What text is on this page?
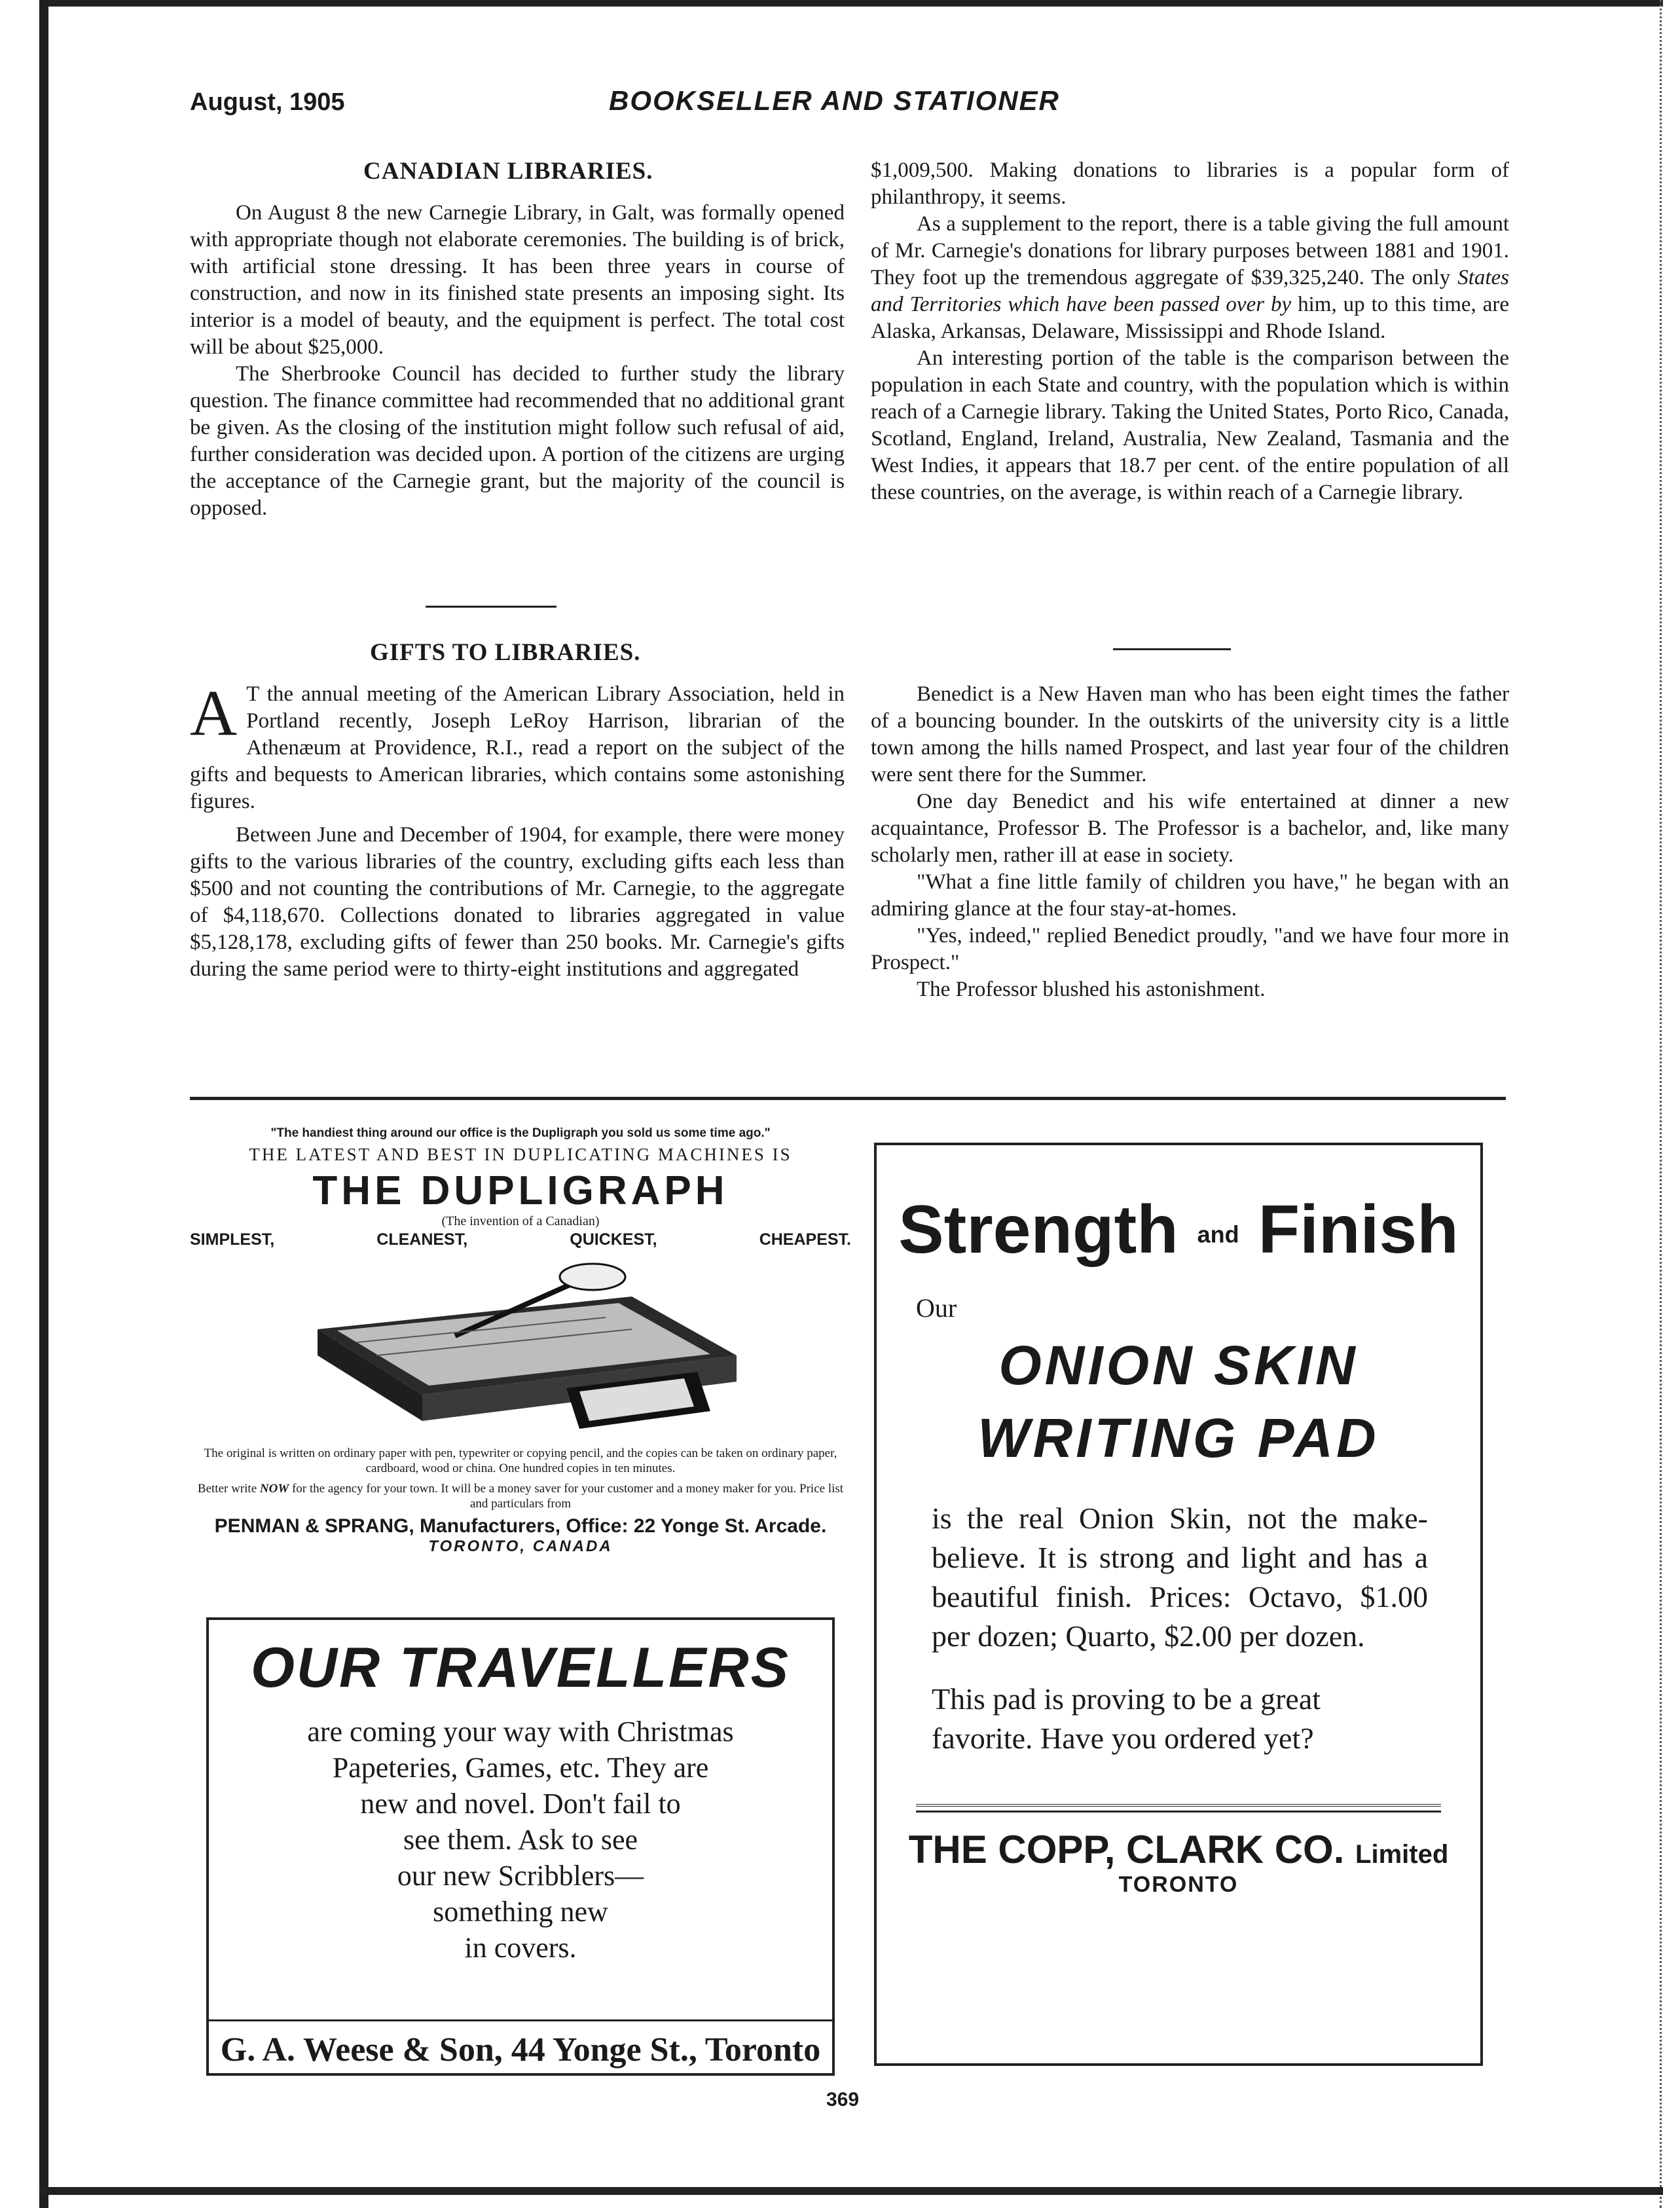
August, 1905	BOOKSELLER AND STATIONER
CANADIAN LIBRARIES.

On August 8 the new Carnegie Library, in Galt, was formally opened with appropriate though not elaborate ceremonies. The building is of brick, with artificial stone dressing. It has been three years in course of construction, and now in its finished state presents an imposing sight. Its interior is a model of beauty, and the equipment is perfect. The total cost will be about $25,000.

The Sherbrooke Council has decided to further study the library question. The finance committee had recommended that no additional grant be given. As the closing of the institution might follow such refusal of aid, further consideration was decided upon. A portion of the citizens are urging the acceptance of the Carnegie grant, but the majority of the council is opposed.

$1,009,500. Making donations to libraries is a popular form of philanthropy, it seems.

As a supplement to the report, there is a table giving the full amount of Mr. Carnegie's donations for library purposes between 1881 and 1901. They foot up the tremendous aggregate of $39,325,240. The only States and Territories which have been passed over by him, up to this time, are Alaska, Arkansas, Delaware, Mississippi and Rhode Island.

An interesting portion of the table is the comparison between the population in each State and country, with the population which is within reach of a Carnegie library. Taking the United States, Porto Rico, Canada, Scotland, England, Ireland, Australia, New Zealand, Tasmania and the West Indies, it appears that 18.7 per cent. of the entire population of all these countries, on the average, is within reach of a Carnegie library.

GIFTS TO LIBRARIES.

A T the annual meeting of the American Library Association, held in Portland recently, Joseph LeRoy Harrison, librarian of the Athenæum at Providence, R.I., read a report on the subject of the gifts and bequests to American libraries, which contains some astonishing figures.

Between June and December of 1904, for example, there were money gifts to the various libraries of the country, excluding gifts each less than $500 and not counting the contributions of Mr. Carnegie, to the aggregate of $4,118,670. Collections donated to libraries aggregated in value $5,128,178, excluding gifts of fewer than 250 books. Mr. Carnegie's gifts during the same period were to thirty-eight institutions and aggregated

Benedict is a New Haven man who has been eight times the father of a bouncing bounder. In the outskirts of the university city is a little town among the hills named Prospect, and last year four of the children were sent there for the Summer.

One day Benedict and his wife entertained at dinner a new acquaintance, Professor B. The Professor is a bachelor, and, like many scholarly men, rather ill at ease in society.

"What a fine little family of children you have," he began with an admiring glance at the four stay-at-homes.

"Yes, indeed," replied Benedict proudly, "and we have four more in Prospect."

The Professor blushed his astonishment.

"The handiest thing around our office is the Dupligraph you sold us some time ago."
THE LATEST AND BEST IN DUPLICATING MACHINES IS
THE DUPLIGRAPH
(The invention of a Canadian)
SIMPLEST,	CLEANEST,	QUICKEST,	CHEAPEST.
The original is written on ordinary paper with pen, typewriter or copying pencil, and the copies can be taken on ordinary paper, cardboard, wood or china. One hundred copies in ten minutes.
Better write NOW for the agency for your town. It will be a money saver for your customer and a money maker for you. Price list and particulars from
PENMAN & SPRANG, Manufacturers, Office: 22 Yonge St. Arcade.
TORONTO, CANADA
OUR TRAVELLERS
are coming your way with Christmas
Papeteries, Games, etc. They are
new and novel. Don't fail to
see them. Ask to see
our new Scribblers—
something new
in covers.
G. A. Weese & Son, 44 Yonge St., Toronto
Strength and Finish
Our
ONION SKIN
WRITING PAD
is the real Onion Skin, not the make-believe. It is strong and light and has a beautiful finish. Prices: Octavo, $1.00 per dozen; Quarto, $2.00 per dozen.
This pad is proving to be a great favorite. Have you ordered yet?
THE COPP, CLARK CO. Limited
TORONTO
369
